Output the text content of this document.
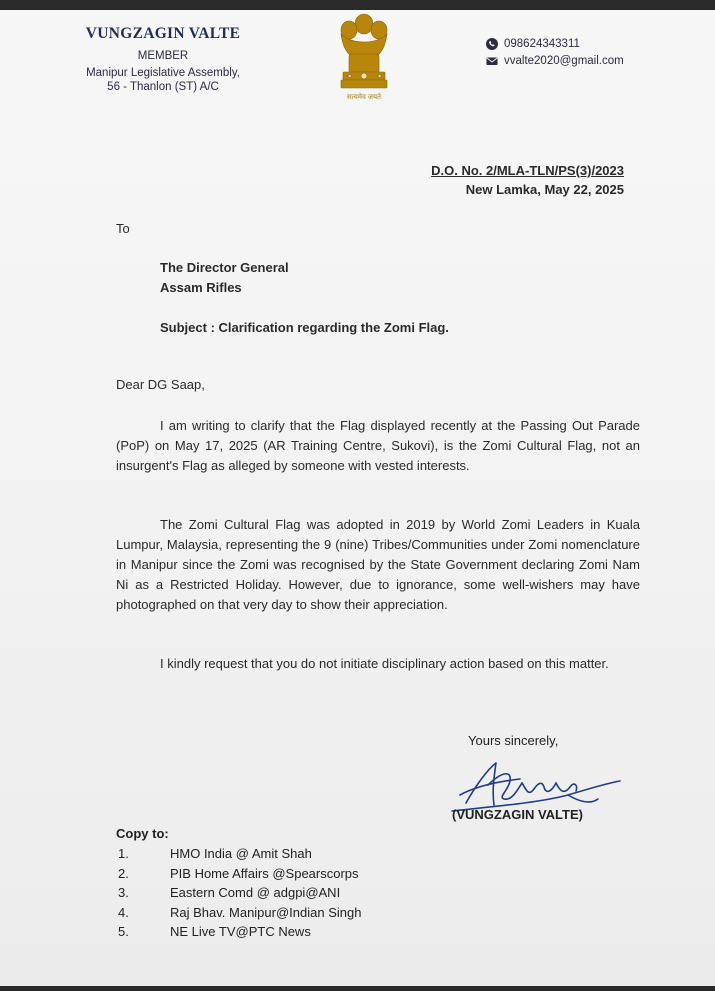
VUNGZAGIN VALTE
MEMBER
Manipur Legislative Assembly,
56 - Thanlon (ST) A/C
सत्यमेव जयते
098624343311
vvalte2020@gmail.com
D.O. No. 2/MLA-TLN/PS(3)/2023
New Lamka, May 22, 2025
To
The Director General
Assam Rifles
Subject : Clarification regarding the Zomi Flag.
Dear DG Saap,
I am writing to clarify that the Flag displayed recently at the Passing Out Parade (PoP) on May 17, 2025 (AR Training Centre, Sukovi), is the Zomi Cultural Flag, not an insurgent's Flag as alleged by someone with vested interests.
The Zomi Cultural Flag was adopted in 2019 by World Zomi Leaders in Kuala Lumpur, Malaysia, representing the 9 (nine) Tribes/Communities under Zomi nomenclature in Manipur since the Zomi was recognised by the State Government declaring Zomi Nam Ni as a Restricted Holiday. However, due to ignorance, some well-wishers may have photographed on that very day to show their appreciation.
I kindly request that you do not initiate disciplinary action based on this matter.
Yours sincerely,
(VUNGZAGIN VALTE)
Copy to:
1.	HMO India @ Amit Shah
2.	PIB Home Affairs @Spearscorps
3.	Eastern Comd @ adgpi@ANI
4.	Raj Bhav. Manipur@Indian Singh
5.	NE Live TV@PTC News
